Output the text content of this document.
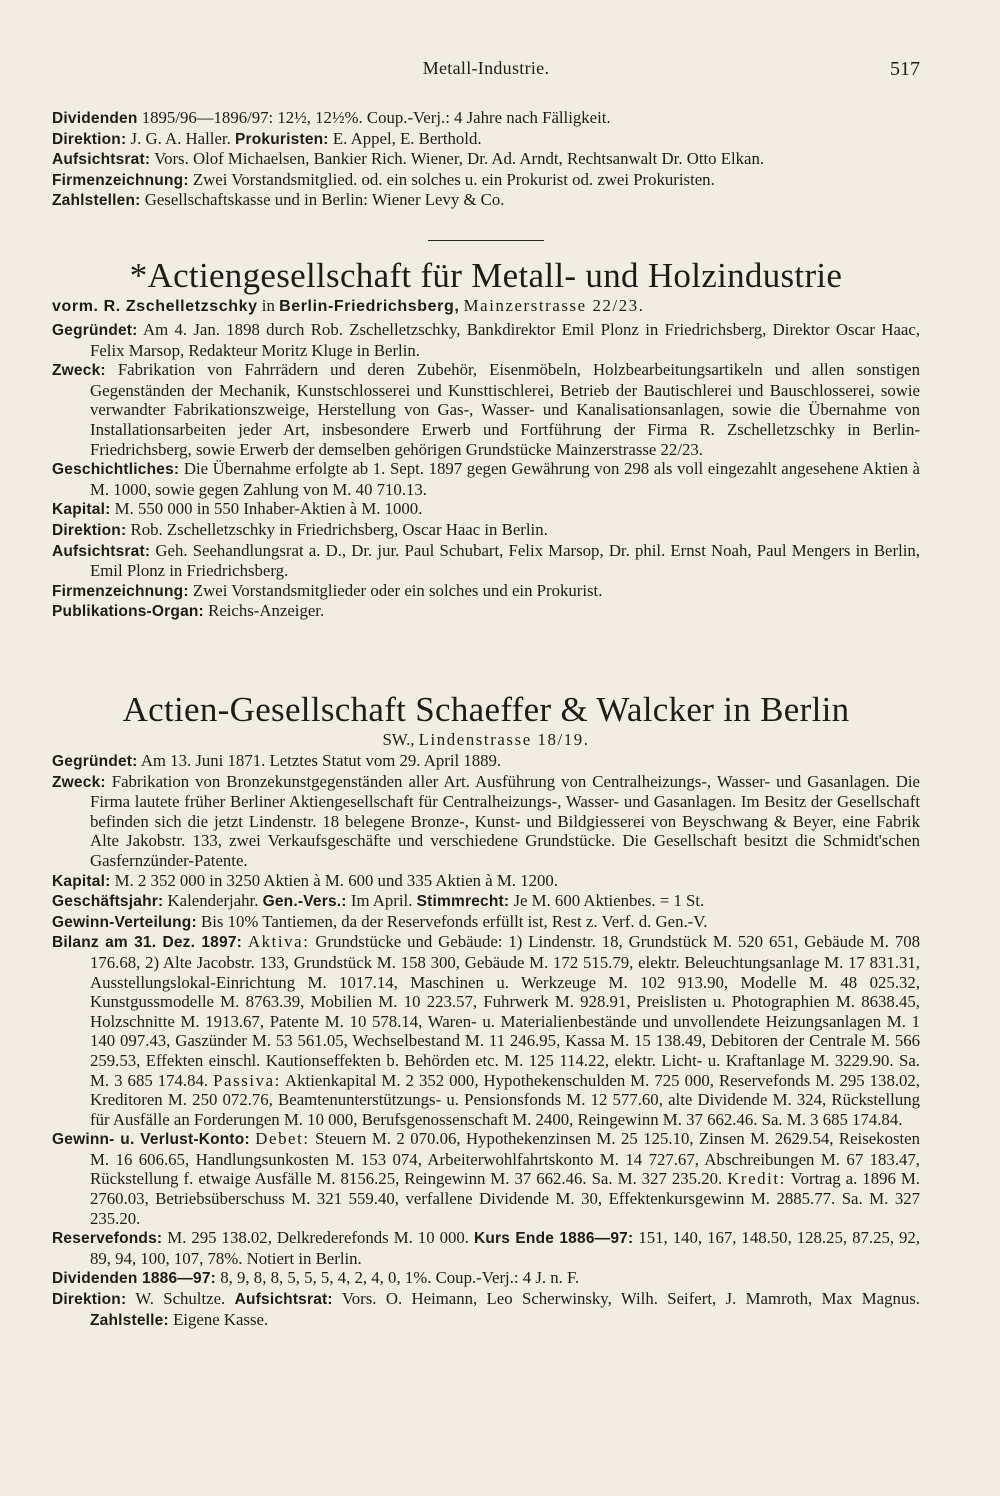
Metall-Industrie.	517

Dividenden 1895/96—1896/97: 12½, 12½%. Coup.-Verj.: 4 Jahre nach Fälligkeit.

Direktion: J. G. A. Haller. Prokuristen: E. Appel, E. Berthold.

Aufsichtsrat: Vors. Olof Michaelsen, Bankier Rich. Wiener, Dr. Ad. Arndt, Rechtsanwalt Dr. Otto Elkan.

Firmenzeichnung: Zwei Vorstandsmitglied. od. ein solches u. ein Prokurist od. zwei Prokuristen.

Zahlstellen: Gesellschaftskasse und in Berlin: Wiener Levy & Co.

*Actiengesellschaft für Metall- und Holzindustrie
vorm. R. Zschelletzschky in Berlin-Friedrichsberg, Mainzerstrasse 22/23.

Gegründet: Am 4. Jan. 1898 durch Rob. Zschelletzschky, Bankdirektor Emil Plonz in Friedrichsberg, Direktor Oscar Haac, Felix Marsop, Redakteur Moritz Kluge in Berlin.

Zweck: Fabrikation von Fahrrädern und deren Zubehör, Eisenmöbeln, Holzbearbeitungsartikeln und allen sonstigen Gegenständen der Mechanik, Kunstschlosserei und Kunsttischlerei, Betrieb der Bautischlerei und Bauschlosserei, sowie verwandter Fabrikationszweige, Herstellung von Gas-, Wasser- und Kanalisationsanlagen, sowie die Übernahme von Installationsarbeiten jeder Art, insbesondere Erwerb und Fortführung der Firma R. Zschelletzschky in Berlin-Friedrichsberg, sowie Erwerb der demselben gehörigen Grundstücke Mainzerstrasse 22/23.

Geschichtliches: Die Übernahme erfolgte ab 1. Sept. 1897 gegen Gewährung von 298 als voll eingezahlt angesehene Aktien à M. 1000, sowie gegen Zahlung von M. 40 710.13.

Kapital: M. 550 000 in 550 Inhaber-Aktien à M. 1000.

Direktion: Rob. Zschelletzschky in Friedrichsberg, Oscar Haac in Berlin.

Aufsichtsrat: Geh. Seehandlungsrat a. D., Dr. jur. Paul Schubart, Felix Marsop, Dr. phil. Ernst Noah, Paul Mengers in Berlin, Emil Plonz in Friedrichsberg.

Firmenzeichnung: Zwei Vorstandsmitglieder oder ein solches und ein Prokurist.

Publikations-Organ: Reichs-Anzeiger.

Actien-Gesellschaft Schaeffer & Walcker in Berlin
SW., Lindenstrasse 18/19.

Gegründet: Am 13. Juni 1871. Letztes Statut vom 29. April 1889.

Zweck: Fabrikation von Bronzekunstgegenständen aller Art. Ausführung von Centralheizungs-, Wasser- und Gasanlagen. Die Firma lautete früher Berliner Aktiengesellschaft für Centralheizungs-, Wasser- und Gasanlagen. Im Besitz der Gesellschaft befinden sich die jetzt Lindenstr. 18 belegene Bronze-, Kunst- und Bildgiesserei von Beyschwang & Beyer, eine Fabrik Alte Jakobstr. 133, zwei Verkaufsgeschäfte und verschiedene Grundstücke. Die Gesellschaft besitzt die Schmidt'schen Gasfernzünder-Patente.

Kapital: M. 2 352 000 in 3250 Aktien à M. 600 und 335 Aktien à M. 1200.

Geschäftsjahr: Kalenderjahr. Gen.-Vers.: Im April. Stimmrecht: Je M. 600 Aktienbes. = 1 St.

Gewinn-Verteilung: Bis 10% Tantiemen, da der Reservefonds erfüllt ist, Rest z. Verf. d. Gen.-V.

Bilanz am 31. Dez. 1897: Aktiva: Grundstücke und Gebäude: 1) Lindenstr. 18, Grundstück M. 520 651, Gebäude M. 708 176.68, 2) Alte Jacobstr. 133, Grundstück M. 158 300, Gebäude M. 172 515.79, elektr. Beleuchtungsanlage M. 17 831.31, Ausstellungslokal-Einrichtung M. 1017.14, Maschinen u. Werkzeuge M. 102 913.90, Modelle M. 48 025.32, Kunstgussmodelle M. 8763.39, Mobilien M. 10 223.57, Fuhrwerk M. 928.91, Preislisten u. Photographien M. 8638.45, Holzschnitte M. 1913.67, Patente M. 10 578.14, Waren- u. Materialienbestände und unvollendete Heizungsanlagen M. 1 140 097.43, Gaszünder M. 53 561.05, Wechselbestand M. 11 246.95, Kassa M. 15 138.49, Debitoren der Centrale M. 566 259.53, Effekten einschl. Kautionseffekten b. Behörden etc. M. 125 114.22, elektr. Licht- u. Kraftanlage M. 3229.90. Sa. M. 3 685 174.84. Passiva: Aktienkapital M. 2 352 000, Hypothekenschulden M. 725 000, Reservefonds M. 295 138.02, Kreditoren M. 250 072.76, Beamtenunterstützungs- u. Pensionsfonds M. 12 577.60, alte Dividende M. 324, Rückstellung für Ausfälle an Forderungen M. 10 000, Berufsgenossenschaft M. 2400, Reingewinn M. 37 662.46. Sa. M. 3 685 174.84.

Gewinn- u. Verlust-Konto: Debet: Steuern M. 2 070.06, Hypothekenzinsen M. 25 125.10, Zinsen M. 2629.54, Reisekosten M. 16 606.65, Handlungsunkosten M. 153 074, Arbeiterwohlfahrtskonto M. 14 727.67, Abschreibungen M. 67 183.47, Rückstellung f. etwaige Ausfälle M. 8156.25, Reingewinn M. 37 662.46. Sa. M. 327 235.20. Kredit: Vortrag a. 1896 M. 2760.03, Betriebsüberschuss M. 321 559.40, verfallene Dividende M. 30, Effektenkursgewinn M. 2885.77. Sa. M. 327 235.20.

Reservefonds: M. 295 138.02, Delkrederefonds M. 10 000. Kurs Ende 1886—97: 151, 140, 167, 148.50, 128.25, 87.25, 92, 89, 94, 100, 107, 78%. Notiert in Berlin.

Dividenden 1886—97: 8, 9, 8, 8, 5, 5, 5, 4, 2, 4, 0, 1%. Coup.-Verj.: 4 J. n. F.

Direktion: W. Schultze. Aufsichtsrat: Vors. O. Heimann, Leo Scherwinsky, Wilh. Seifert, J. Mamroth, Max Magnus. Zahlstelle: Eigene Kasse.
